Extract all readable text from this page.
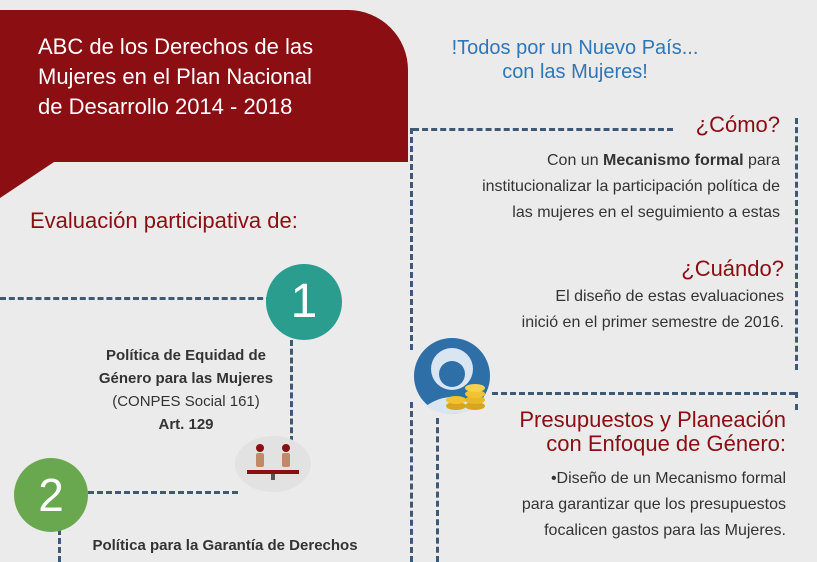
ABC de los Derechos de las
Mujeres en el Plan Nacional
de Desarrollo 2014 - 2018
!Todos por un Nuevo País...
con las Mujeres!
Evaluación participativa de:
1
Política de Equidad de
Género para las Mujeres
(CONPES Social 161)
Art. 129
2
Política para la Garantía de Derechos
¿Cómo?
Con un Mecanismo formal para
institucionalizar la participación política de
las mujeres en el seguimiento a estas
¿Cuándo?
El diseño de estas evaluaciones
inició en el primer semestre de 2016.
Presupuestos y Planeación
con Enfoque de Género:
•Diseño de un Mecanismo formal
para garantizar que los presupuestos
focalicen gastos para las Mujeres.
